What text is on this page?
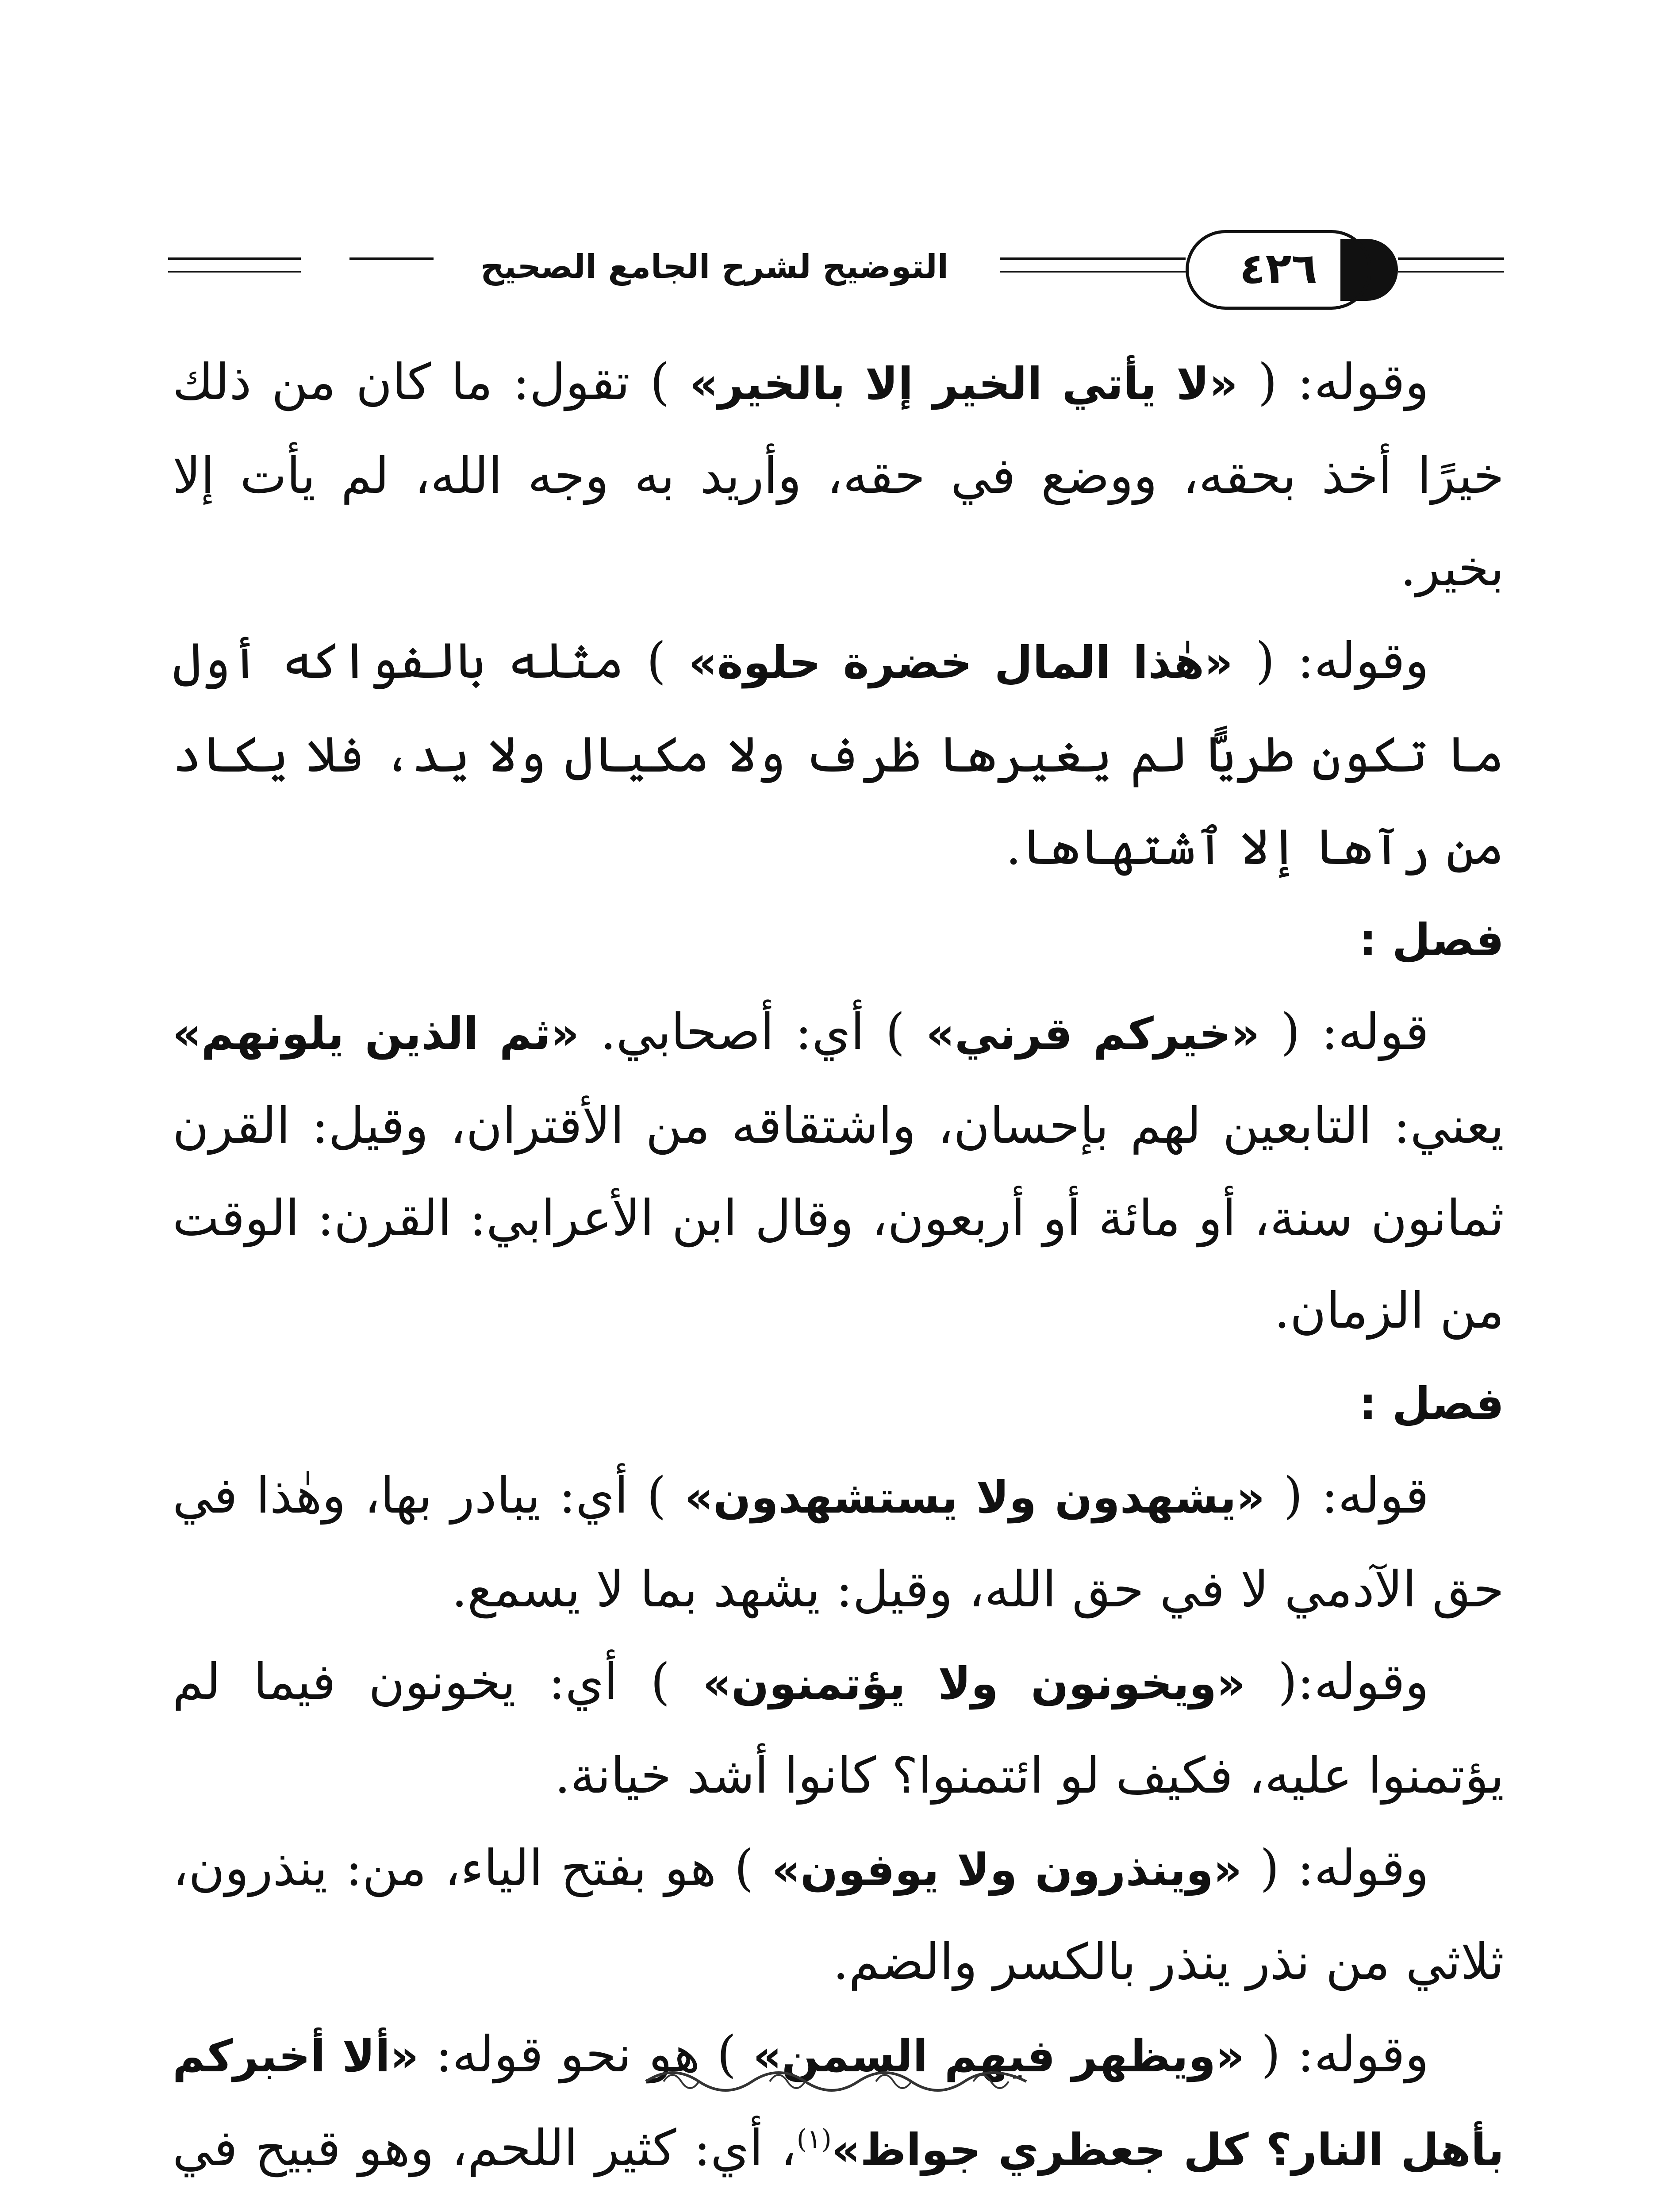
التوضيح لشرح الجامع الصحيح	٤٢٦

وقوله: ( «لا يأتي الخير إلا بالخير» ) تقول: ما كان من ذلك خيرًا أخذ بحقه، ووضع في حقه، وأريد به وجه الله، لم يأت إلا بخير.

وقوله: ( «هٰذا المال خضرة حلوة» ) مثله بالفواكه أول ما تكون طريًّا لم يغيرها ظرف ولا مكيال ولا يد، فلا يكاد من رآها إلا ٱشتهاها.

فصل :

قوله: ( «خيركم قرني» ) أي: أصحابي. «ثم الذين يلونهم» يعني: التابعين لهم بإحسان، واشتقاقه من الأقتران، وقيل: القرن ثمانون سنة، أو مائة أو أربعون، وقال ابن الأعرابي: القرن: الوقت من الزمان.

فصل :

قوله: ( «يشهدون ولا يستشهدون» ) أي: يبادر بها، وهٰذا في حق الآدمي لا في حق الله، وقيل: يشهد بما لا يسمع.

وقوله:( «ويخونون ولا يؤتمنون» ) أي: يخونون فيما لم يؤتمنوا عليه، فكيف لو ائتمنوا؟ كانوا أشد خيانة.

وقوله: ( «وينذرون ولا يوفون» ) هو بفتح الياء، من: ينذرون، ثلاثي من نذر ينذر بالكسر والضم.

وقوله: ( «ويظهر فيهم السمن» ) هو نحو قوله: «ألا أخبركم بأهل النار؟ كل جعظري جواظ»$^{(١)}$، أي: كثير اللحم، وهو قبيح في
